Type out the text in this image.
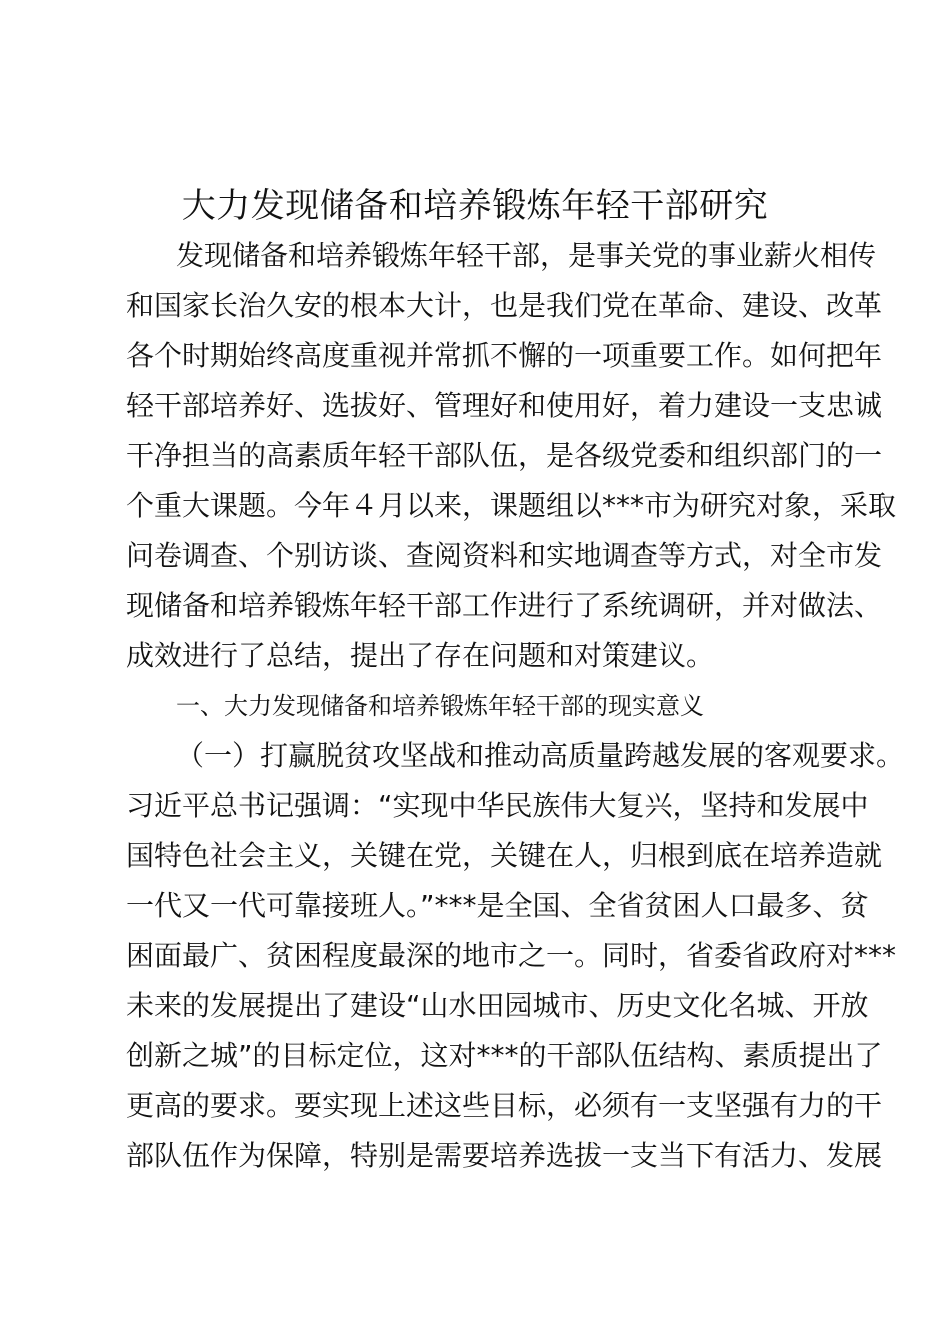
大力发现储备和培养锻炼年轻干部研究
发现储备和培养锻炼年轻干部，是事关党的事业薪火相传
和国家长治久安的根本大计，也是我们党在革命、建设、改革
各个时期始终高度重视并常抓不懈的一项重要工作。如何把年
轻干部培养好、选拔好、管理好和使用好，着力建设一支忠诚
干净担当的高素质年轻干部队伍，是各级党委和组织部门的一
个重大课题。今年４月以来，课题组以***市为研究对象，采取
问卷调查、个别访谈、查阅资料和实地调查等方式，对全市发
现储备和培养锻炼年轻干部工作进行了系统调研，并对做法、
成效进行了总结，提出了存在问题和对策建议。
一、大力发现储备和培养锻炼年轻干部的现实意义
（一）打赢脱贫攻坚战和推动高质量跨越发展的客观要求。
习近平总书记强调：“实现中华民族伟大复兴，坚持和发展中
国特色社会主义，关键在党，关键在人，归根到底在培养造就
一代又一代可靠接班人。”***是全国、全省贫困人口最多、贫
困面最广、贫困程度最深的地市之一。同时，省委省政府对***
未来的发展提出了建设“山水田园城市、历史文化名城、开放
创新之城”的目标定位，这对***的干部队伍结构、素质提出了
更高的要求。要实现上述这些目标，必须有一支坚强有力的干
部队伍作为保障，特别是需要培养选拔一支当下有活力、发展
